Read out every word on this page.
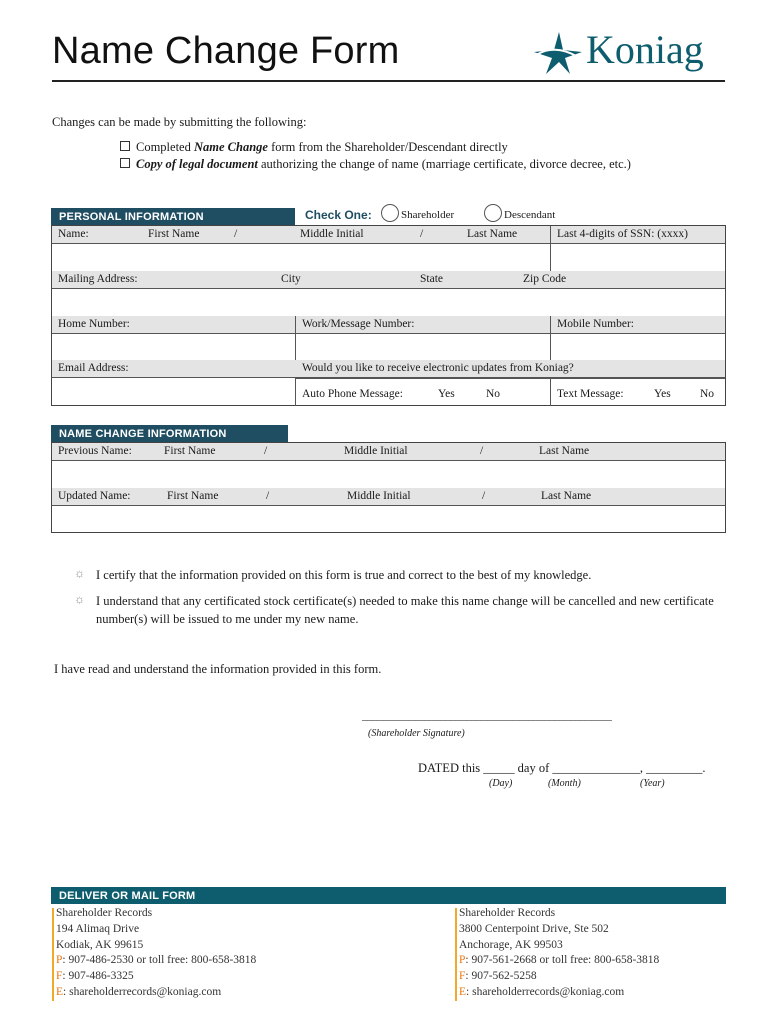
Name Change Form	Koniag
Changes can be made by submitting the following:
Completed Name Change form from the Shareholder/Descendant directly
Copy of legal document authorizing the change of name (marriage certificate, divorce decree, etc.)
PERSONAL INFORMATION	Check One:	Shareholder	Descendant
Name:	First Name	/	Middle Initial	/	Last Name	Last 4-digits of SSN: (xxxx)
Mailing Address:	City	State	Zip Code
Home Number:	Work/Message Number:	Mobile Number:
Email Address:	Would you like to receive electronic updates from Koniag?
Auto Phone Message:	Yes	No	Text Message:	Yes	No
NAME CHANGE INFORMATION
Previous Name:	First Name	/	Middle Initial	/	Last Name
Updated Name:	First Name	/	Middle Initial	/	Last Name
☼ I certify that the information provided on this form is true and correct to the best of my knowledge.
☼ I understand that any certificated stock certificate(s) needed to make this name change will be cancelled and new certificate number(s) will be issued to me under my new name.
I have read and understand the information provided in this form.
________________________________________________
(Shareholder Signature)
DATED this _____ day of ______________, _________.
(Day)	(Month)	(Year)
DELIVER OR MAIL FORM
Shareholder Records
194 Alimaq Drive
Kodiak, AK 99615
P: 907-486-2530 or toll free: 800-658-3818
F: 907-486-3325
E: shareholderrecords@koniag.com
Shareholder Records
3800 Centerpoint Drive, Ste 502
Anchorage, AK 99503
P: 907-561-2668 or toll free: 800-658-3818
F: 907-562-5258
E: shareholderrecords@koniag.com
